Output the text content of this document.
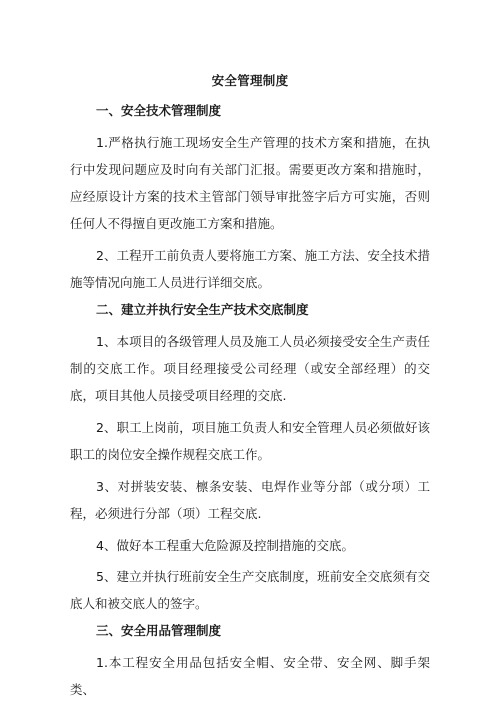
安全管理制度
一、安全技术管理制度

1.严格执行施工现场安全生产管理的技术方案和措施，在执行中发现问题应及时向有关部门汇报。需要更改方案和措施时，应经原设计方案的技术主管部门领导审批签字后方可实施，否则任何人不得擅自更改施工方案和措施。

2、工程开工前负责人要将施工方案、施工方法、安全技术措施等情况向施工人员进行详细交底。

二、建立并执行安全生产技术交底制度

1、本项目的各级管理人员及施工人员必须接受安全生产责任制的交底工作。项目经理接受公司经理（或安全部经理）的交底，项目其他人员接受项目经理的交底.

2、职工上岗前，项目施工负责人和安全管理人员必须做好该职工的岗位安全操作规程交底工作。

3、对拼装安装、檩条安装、电焊作业等分部（或分项）工程，必须进行分部（项）工程交底.

4、做好本工程重大危险源及控制措施的交底。

5、建立并执行班前安全生产交底制度，班前安全交底须有交底人和被交底人的签字。

三、安全用品管理制度

1.本工程安全用品包括安全帽、安全带、安全网、脚手架类、
